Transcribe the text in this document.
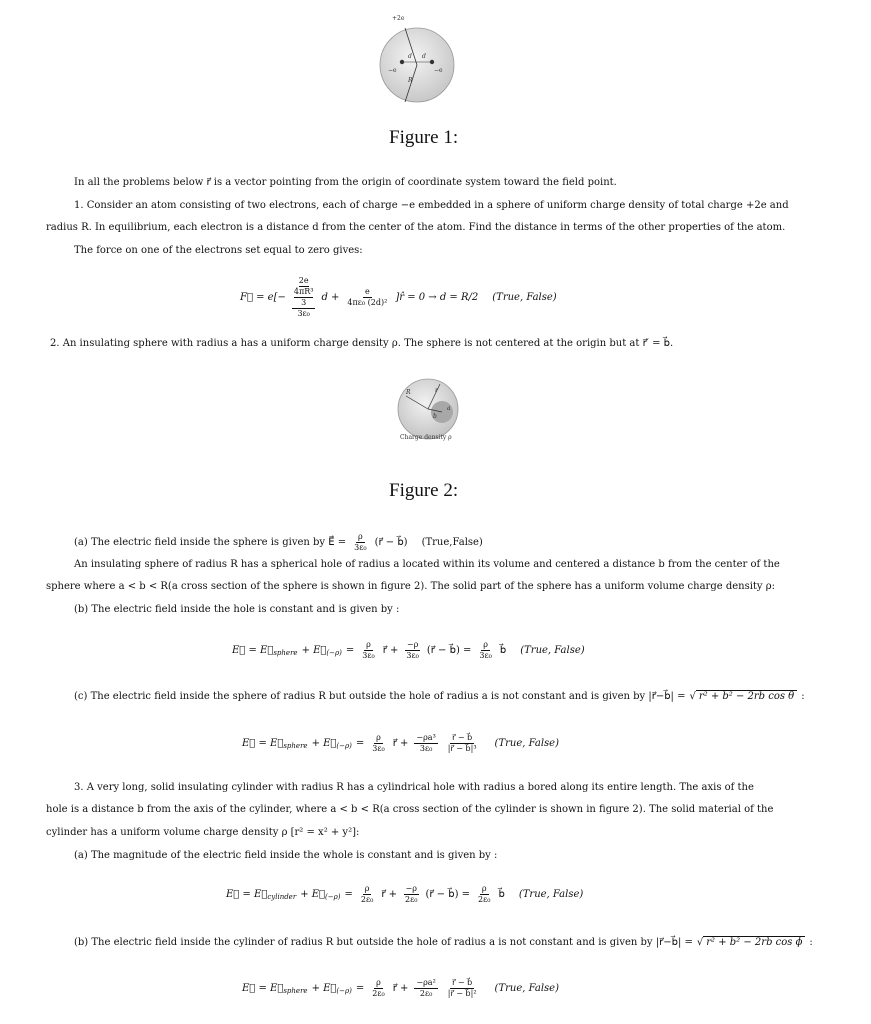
+2e
d d
−e	−e
R
Figure 1:
In all the problems below r⃗ is a vector pointing from the origin of coordinate system toward the field point.
1. Consider an atom consisting of two electrons, each of charge −e embedded in a sphere of uniform charge density of total charge +2e and
radius R. In equilibrium, each electron is a distance d from the center of the atom. Find the distance in terms of the other properties of the atom.
The force on one of the electrons set equal to zero gives:
F⃗ = e[− 2e
4πR³
3
3ε₀ $d + \frac{e}{\text{4πε₀ (2d)²}}$ ]r̂ = 0 → d = R/2 (True, False)
2. An insulating sphere with radius a has a uniform charge density ρ. The sphere is not centered at the origin but at r⃗′ = b⃗.
R
b
a
r
Charge density ρ
Figure 2:
(a) The electric field inside the sphere is given by E⃗ = $\frac{\rho}{\text{3ε₀}}$ (r⃗ − b⃗) (True,False)
An insulating sphere of radius R has a spherical hole of radius a located within its volume and centered a distance b from the center of the
sphere where a < b < R(a cross section of the sphere is shown in figure 2). The solid part of the sphere has a uniform volume charge density ρ:
(b) The electric field inside the hole is constant and is given by :
E⃗ = $E⃗_{sphere}$ + $E⃗_{(-\rho)} = \frac{\rho}{\text{3ε₀}}$ r⃗ + $\frac{-\rho}{\text{3ε₀}}$ (r⃗ − b⃗) = $\frac{\rho}{\text{3ε₀}}$ b⃗ (True, False)
(c) The electric field inside the sphere of radius R but outside the hole of radius a is not constant and is given by |r⃗−b⃗| = √ r² + b² − 2rb cos θ :
E⃗ = $E⃗_{sphere}$ + $E⃗_{(-\rho)} = \frac{\rho}{\text{3ε₀}}$ r⃗ + $\frac{\text{−ρa³}}{\text{3ε₀}} \frac{r⃗ - b⃗}{\text{|r⃗ − b⃗|³}}$ (True, False)
3. A very long, solid insulating cylinder with radius R has a cylindrical hole with radius a bored along its entire length. The axis of the
hole is a distance b from the axis of the cylinder, where a < b < R(a cross section of the cylinder is shown in figure 2). The solid material of the
cylinder has a uniform volume charge density ρ [r² = x² + y²]:
(a) The magnitude of the electric field inside the whole is constant and is given by :
E⃗ = $E⃗_{cylinder}$ + $E⃗_{(-\rho)} = \frac{\rho}{\text{2ε₀}}$ r⃗ + $\frac{-\rho}{\text{2ε₀}}$ (r⃗ − b⃗) = $\frac{\rho}{\text{2ε₀}}$ b⃗ (True, False)
(b) The electric field inside the cylinder of radius R but outside the hole of radius a is not constant and is given by |r⃗−b⃗| = √ r² + b² − 2rb cos ϕ :
E⃗ = $E⃗_{sphere}$ + $E⃗_{(-\rho)} = \frac{\rho}{\text{2ε₀}}$ r⃗ + $\frac{\text{−ρa²}}{\text{2ε₀}} \frac{r⃗ - b⃗}{\text{|r⃗ − b⃗|²}}$ (True, False)
